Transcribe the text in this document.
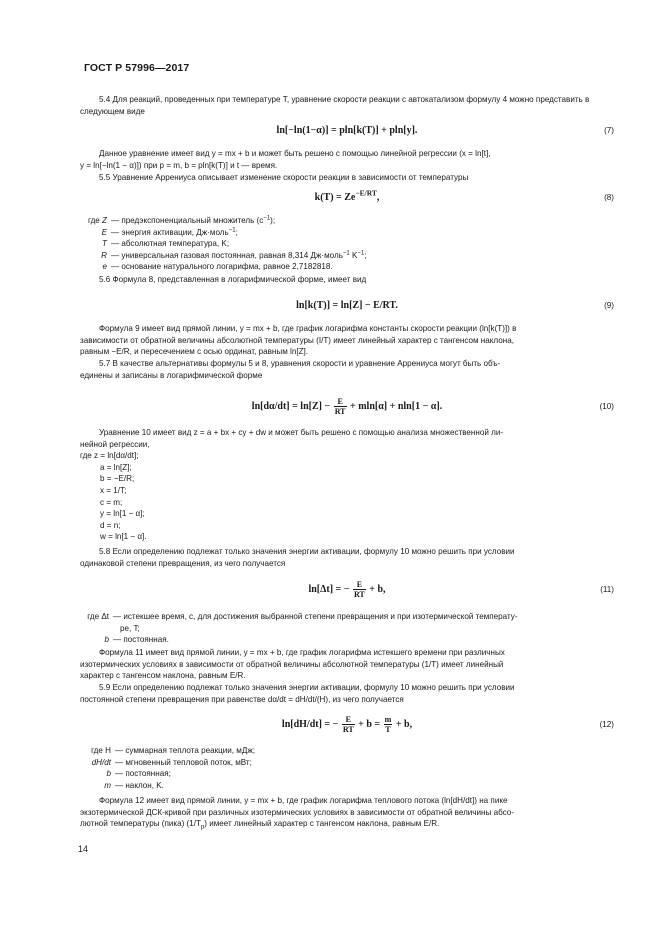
ГОСТ Р 57996—2017
5.4 Для реакций, проведенных при температуре T, уравнение скорости реакции с автокатализом формулу 4 можно представить в следующем виде
ln[−ln(1−α)] = pln[k(T)] + pln[y].	(7)
Данное уравнение имеет вид y = mx + b и может быть решено с помощью линейной регрессии (x = ln[t],
y = ln[−ln(1 − α)]) при p = m, b = pln[k(T)] и t — время.
5.5 Уравнение Аррениуса описывает изменение скорости реакции в зависимости от температуры
$k(T) = Ze^{-E/RT}$,	(8)
где Z — предэкспоненциальный множитель $(с^{-1})$;
E — энергия активации, Дж·моль$^{-1}$;
T — абсолютная температура, K;
R — универсальная газовая постоянная, равная 8,314 Дж·моль$^{-1}$ $K^{-1}$;
e — основание натурального логарифма, равное 2,7182818.
5.6 Формула 8, представленная в логарифмической форме, имеет вид
ln[k(T)] = ln[Z] − E/RT.	(9)
Формула 9 имеет вид прямой линии, y = mx + b, где график логарифма константы скорости реакции (ln[k(T)]) в
зависимости от обратной величины абсолютной температуры (I/T) имеет линейный характер с тангенсом наклона,
равным −E/R, и пересечением с осью ординат, равным ln[Z].
5.7 В качестве альтернативы формулы 5 и 8, уравнения скорости и уравнение Аррениуса могут быть объ-
единены и записаны в логарифмической форме
$\ln[d\alpha/dt] = \ln[Z] - \frac{E}{RT} + mln[\alpha] + nln[1 - \alpha]$.	(10)
Уравнение 10 имеет вид z = a + bx + cy + dw и может быть решено с помощью анализа множественной ли-
нейной регрессии,
где z = ln[dα/dt];
a = ln[Z];
b = −E/R;
x = 1/T;
c = m;
y = ln[1 − α];
d = n;
w = ln[1 − α].
5.8 Если определению подлежат только значения энергии активации, формулу 10 можно решить при условии
одинаковой степени превращения, из чего получается
ln[Δt] = − $\frac{E}{RT} + b$,	(11)
где Δt — истекшее время, c, для достижения выбранной степени превращения и при изотермической температу-
ре, T;
b — постоянная.
Формула 11 имеет вид прямой линии, y = mx + b, где график логарифма истекшего времени при различных
изотермических условиях в зависимости от обратной величины абсолютной температуры (1/T) имеет линейный
характер с тангенсом наклона, равным E/R.
5.9 Если определению подлежат только значения энергии активации, формулу 10 можно решить при условии
постоянной степени превращения при равенстве dα/dt = dH/dt/(H), из чего получается
ln[dH/dt] = − $\frac{E}{RT} + b = \frac{m}{T} + b$,	(12)
где H — суммарная теплота реакции, мДж;
dH/dt — мгновенный тепловой поток, мВт;
b — постоянная;
m — наклон, K.
Формула 12 имеет вид прямой линии, y = mx + b, где график логарифма теплового потока (ln[dH/dt]) на пике
экзотермической ДСК-кривой при различных изотермических условиях в зависимости от обратной величины абсо-
лютной температуры (пика) $(1/T_p)$ имеет линейный характер с тангенсом наклона, равным E/R.
14
